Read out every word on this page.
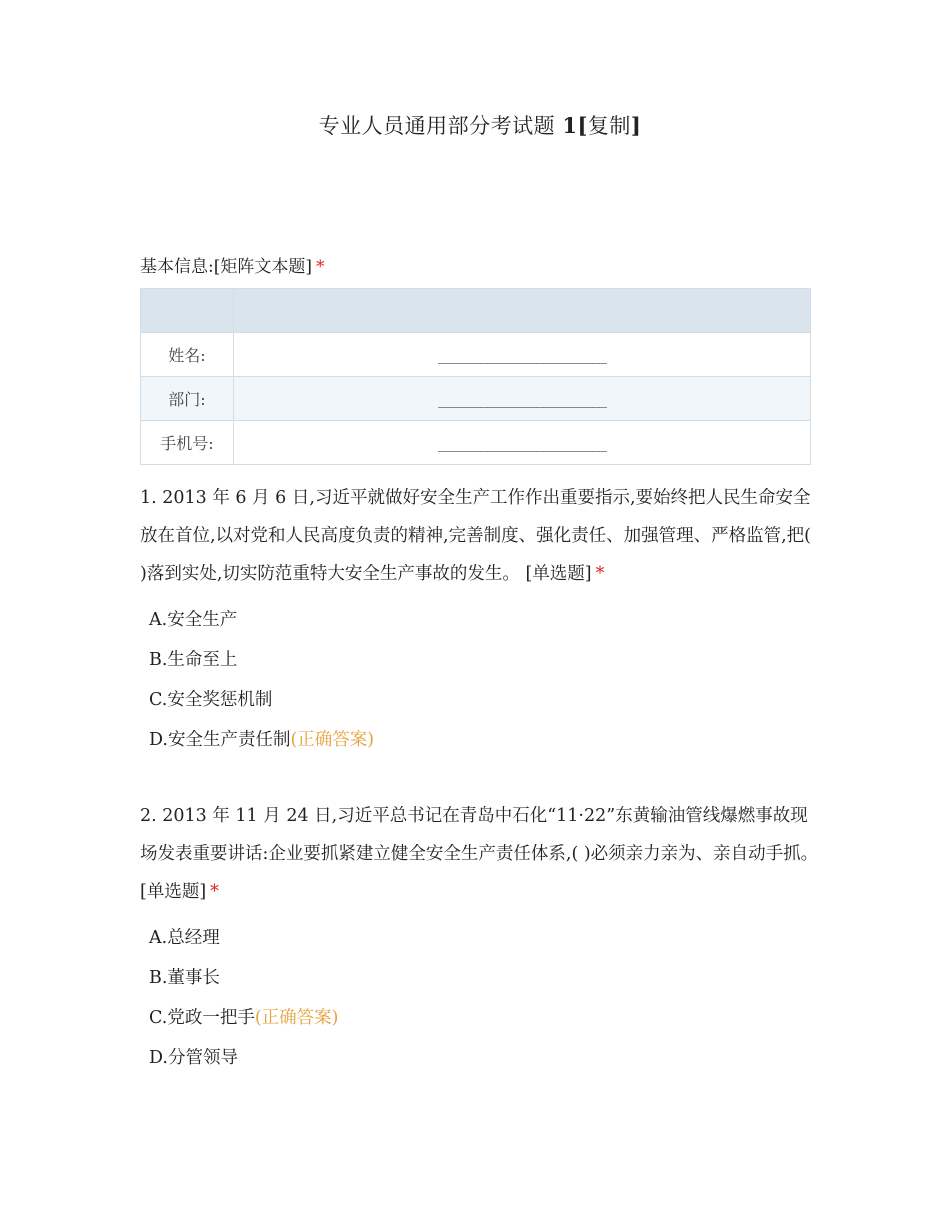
专业人员通用部分考试题 1[复制]
基本信息:[矩阵文本题] *

姓名:	________________________
部门:	________________________
手机号:	________________________
1. 2013 年 6 月 6 日,习近平就做好安全生产工作作出重要指示,要始终把人民生命安全放在首位,以对党和人民高度负责的精神,完善制度、强化责任、加强管理、严格监管,把( )落到实处,切实防范重特大安全生产事故的发生。 [单选题] *
A.安全生产
B.生命至上
C.安全奖惩机制
D.安全生产责任制(正确答案)
2. 2013 年 11 月 24 日,习近平总书记在青岛中石化“11·22”东黄输油管线爆燃事故现场发表重要讲话:企业要抓紧建立健全安全生产责任体系,( )必须亲力亲为、亲自动手抓。 [单选题] *
A.总经理
B.董事长
C.党政一把手(正确答案)
D.分管领导
